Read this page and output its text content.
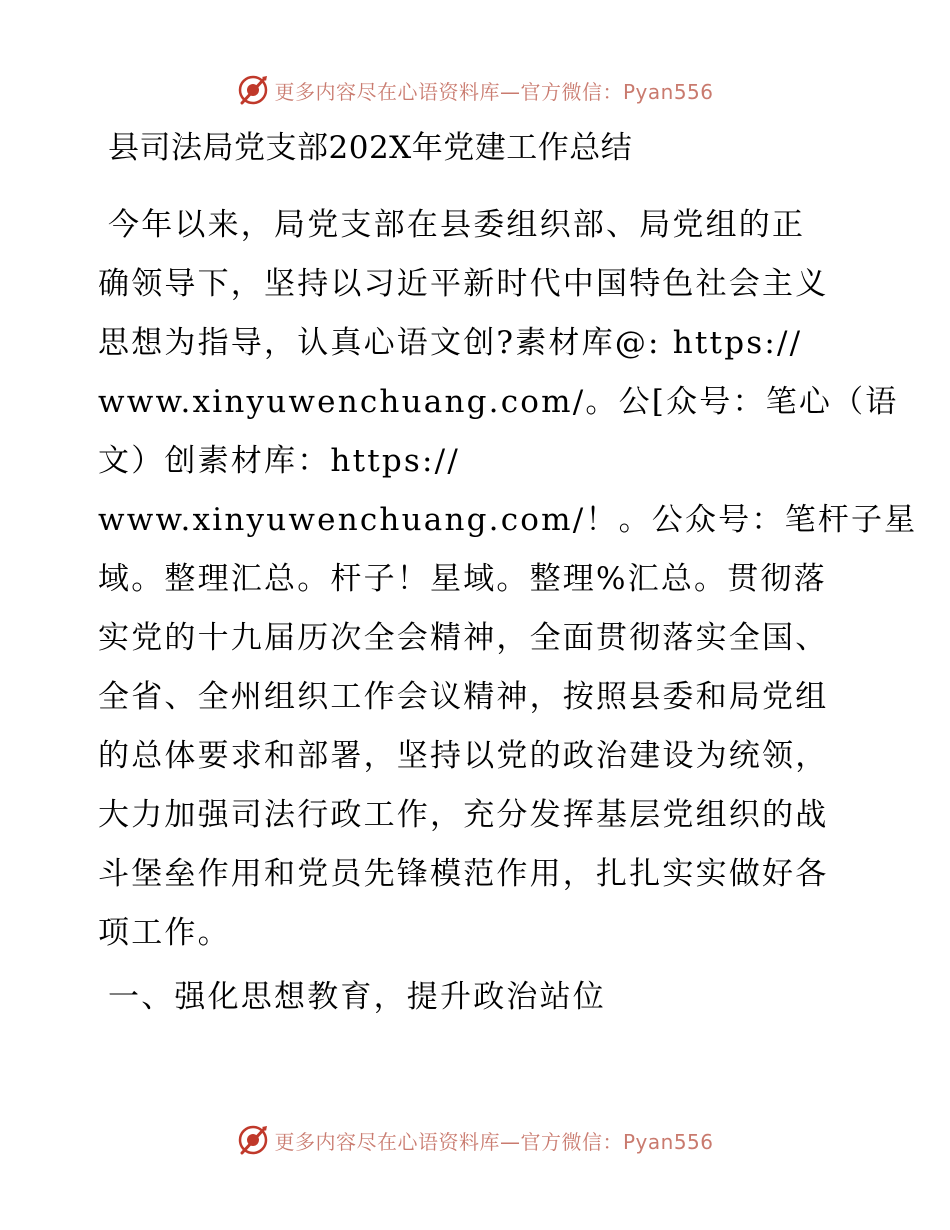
更多内容尽在心语资料库—官方微信：Pyan556
县司法局党支部202X年党建工作总结
今年以来，局党支部在县委组织部、局党组的正
确领导下，坚持以习近平新时代中国特色社会主义
思想为指导，认真心语文创?素材库@: https://
www.xinyuwenchuang.com/。公[众号：笔心（语
文）创素材库：https://
www.xinyuwenchuang.com/！。公众号：笔杆子星
域。整理汇总。杆子！星域。整理%汇总。贯彻落
实党的十九届历次全会精神，全面贯彻落实全国、
全省、全州组织工作会议精神，按照县委和局党组
的总体要求和部署，坚持以党的政治建设为统领，
大力加强司法行政工作，充分发挥基层党组织的战
斗堡垒作用和党员先锋模范作用，扎扎实实做好各
项工作。
一、强化思想教育，提升政治站位
更多内容尽在心语资料库—官方微信：Pyan556
